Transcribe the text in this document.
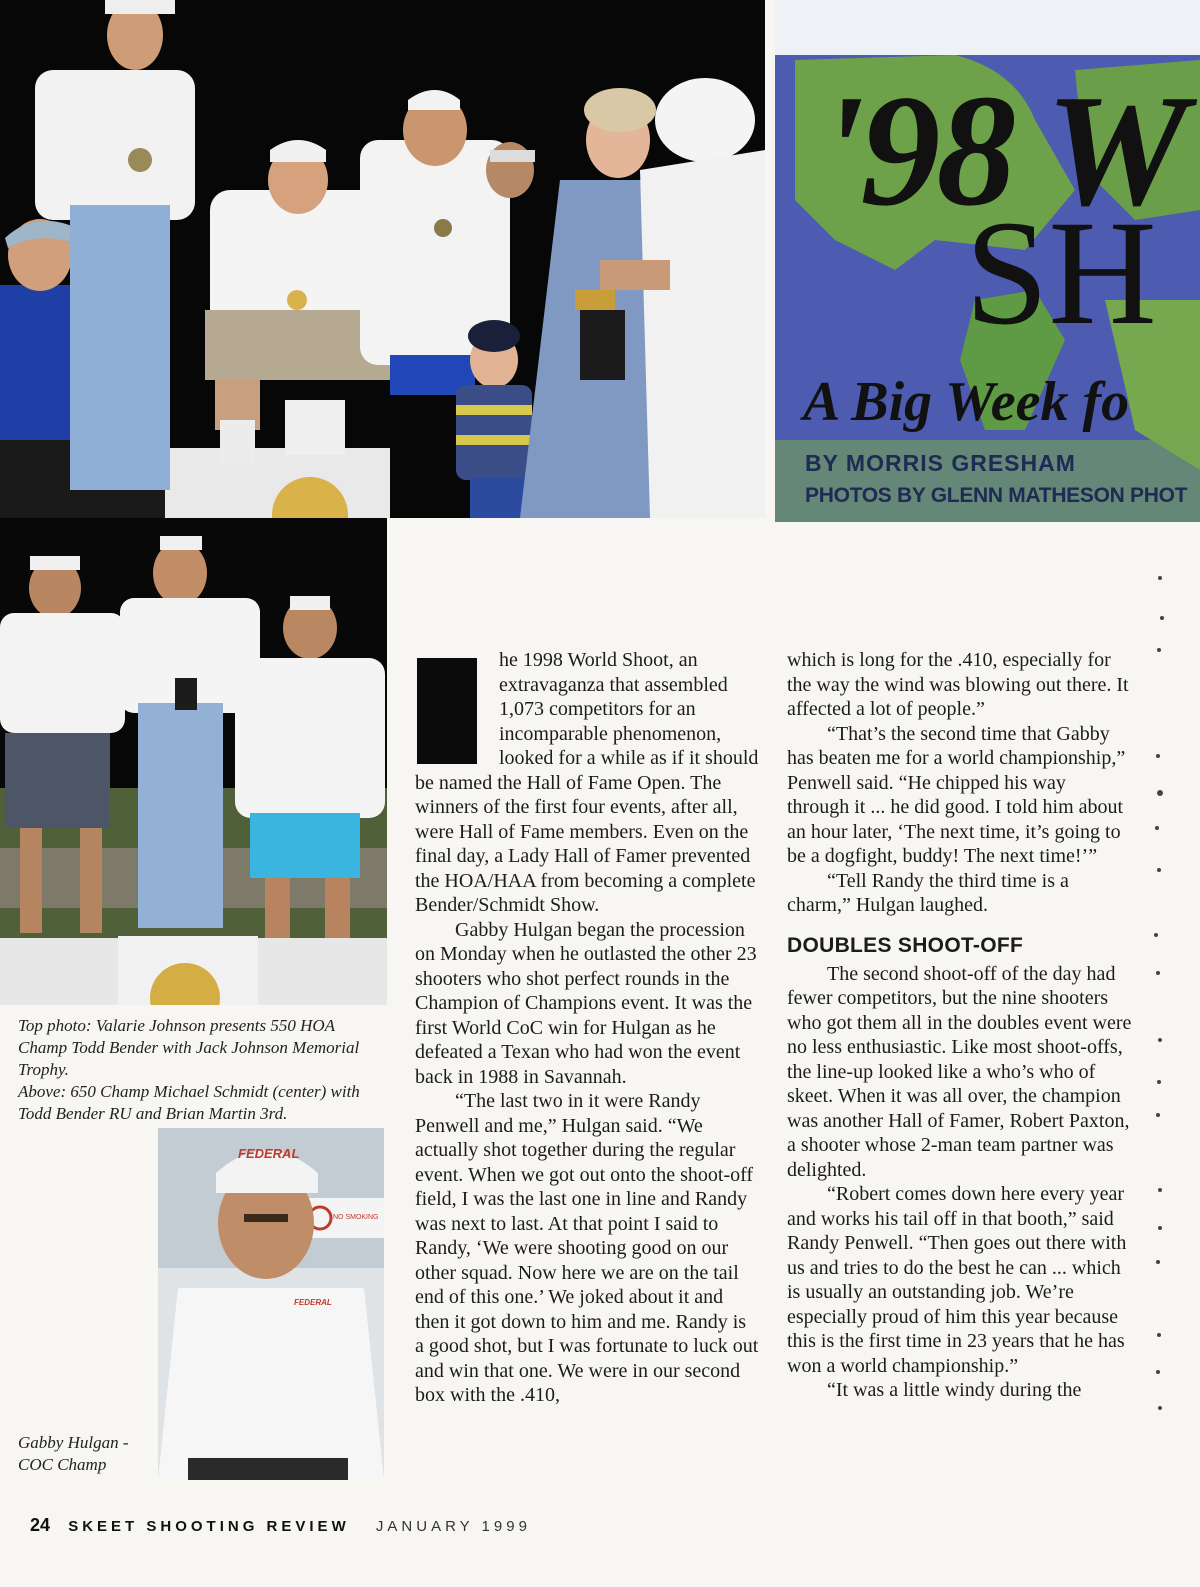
'98 W
SH
A Big Week fo
BY MORRIS GRESHAM
PHOTOS BY GLENN MATHESON PHOT
Top photo: Valarie Johnson presents 550 HOA Champ Todd Bender with Jack Johnson Memorial Trophy.
Above: 650 Champ Michael Schmidt (center) with Todd Bender RU and Brian Martin 3rd.
FEDERAL
FEDERAL
NO SMOKING
Gabby Hulgan - COC Champ

he 1998 World Shoot, an extravaganza that assembled 1,073 competitors for an incomparable phenomenon, looked for a while as if it should be named the Hall of Fame Open. The winners of the first four events, after all, were Hall of Fame members. Even on the final day, a Lady Hall of Famer prevented the HOA/HAA from becoming a complete Bender/Schmidt Show.

Gabby Hulgan began the procession on Monday when he outlasted the other 23 shooters who shot perfect rounds in the Champion of Champions event. It was the first World CoC win for Hulgan as he defeated a Texan who had won the event back in 1988 in Savannah.

“The last two in it were Randy Penwell and me,” Hulgan said. “We actually shot together during the regular event. When we got out onto the shoot-off field, I was the last one in line and Randy was next to last. At that point I said to Randy, ‘We were shooting good on our other squad. Now here we are on the tail end of this one.’ We joked about it and then it got down to him and me. Randy is a good shot, but I was fortunate to luck out and win that one. We were in our second box with the .410,

which is long for the .410, especially for the way the wind was blowing out there. It affected a lot of people.”

“That’s the second time that Gabby has beaten me for a world championship,” Penwell said. “He chipped his way through it ... he did good. I told him about an hour later, ‘The next time, it’s going to be a dogfight, buddy! The next time!’”

“Tell Randy the third time is a charm,” Hulgan laughed.

DOUBLES SHOOT-OFF

The second shoot-off of the day had fewer competitors, but the nine shooters who got them all in the doubles event were no less enthusiastic. Like most shoot-offs, the line-up looked like a who’s who of skeet. When it was all over, the champion was another Hall of Famer, Robert Paxton, a shooter whose 2-man team partner was delighted.

“Robert comes down here every year and works his tail off in that booth,” said Randy Penwell. “Then goes out there with us and tries to do the best he can ... which is usually an outstanding job. We’re especially proud of him this year because this is the first time in 23 years that he has won a world championship.”

“It was a little windy during the

24 SKEET SHOOTING REVIEW JANUARY 1999
